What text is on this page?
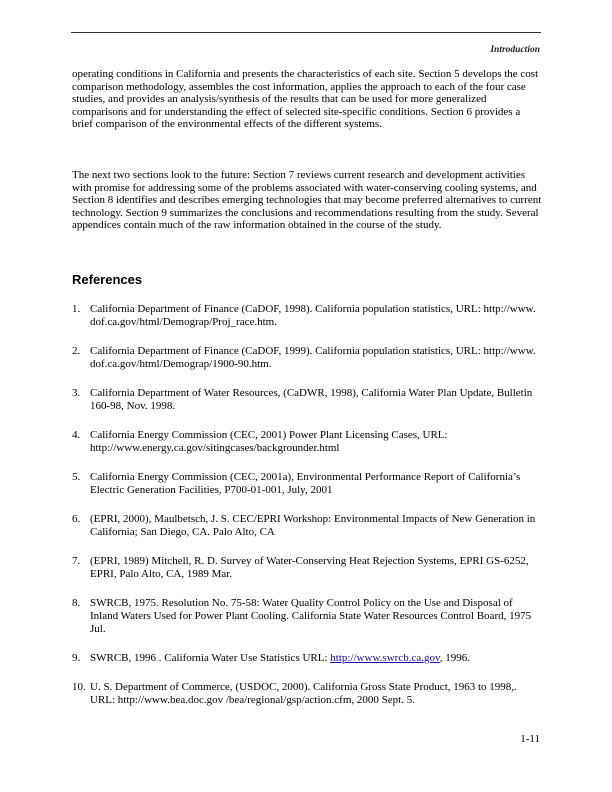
Introduction

operating conditions in California and presents the characteristics of each site. Section 5 develops the cost comparison methodology, assembles the cost information, applies the approach to each of the four case studies, and provides an analysis/synthesis of the results that can be used for more generalized comparisons and for understanding the effect of selected site-specific conditions. Section 6 provides a brief comparison of the environmental effects of the different systems.

The next two sections look to the future: Section 7 reviews current research and development activities with promise for addressing some of the problems associated with water-conserving cooling systems, and Section 8 identifies and describes emerging technologies that may become preferred alternatives to current technology. Section 9 summarizes the conclusions and recommendations resulting from the study. Several appendices contain much of the raw information obtained in the course of the study.

References
1. California Department of Finance (CaDOF, 1998). California population statistics, URL: http://www. dof.ca.gov/html/Demograp/Proj_race.htm.
2. California Department of Finance (CaDOF, 1999). California population statistics, URL: http://www. dof.ca.gov/html/Demograp/1900-90.htm.
3. California Department of Water Resources, (CaDWR, 1998), California Water Plan Update, Bulletin 160-98, Nov. 1998.
4. California Energy Commission (CEC, 2001) Power Plant Licensing Cases, URL: http://www.energy.ca.gov/sitingcases/backgrounder.html
5. California Energy Commission (CEC, 2001a), Environmental Performance Report of California’s Electric Generation Facilities, P700-01-001, July, 2001
6. (EPRI, 2000), Maulbetsch, J. S. CEC/EPRI Workshop: Environmental Impacts of New Generation in California; San Diego, CA. Palo Alto, CA
7. (EPRI, 1989) Mitchell, R. D. Survey of Water-Conserving Heat Rejection Systems, EPRI GS-6252, EPRI, Palo Alto, CA, 1989 Mar.
8. SWRCB, 1975. Resolution No. 75-58: Water Quality Control Policy on the Use and Disposal of Inland Waters Used for Power Plant Cooling. California State Water Resources Control Board, 1975 Jul.
9. SWRCB, 1996 . California Water Use Statistics URL: http://www.swrcb.ca.gov, 1996.
10. U. S. Department of Commerce, (USDOC, 2000). California Gross State Product, 1963 to 1998,. URL: http://www.bea.doc.gov /bea/regional/gsp/action.cfm, 2000 Sept. 5.
1-11
